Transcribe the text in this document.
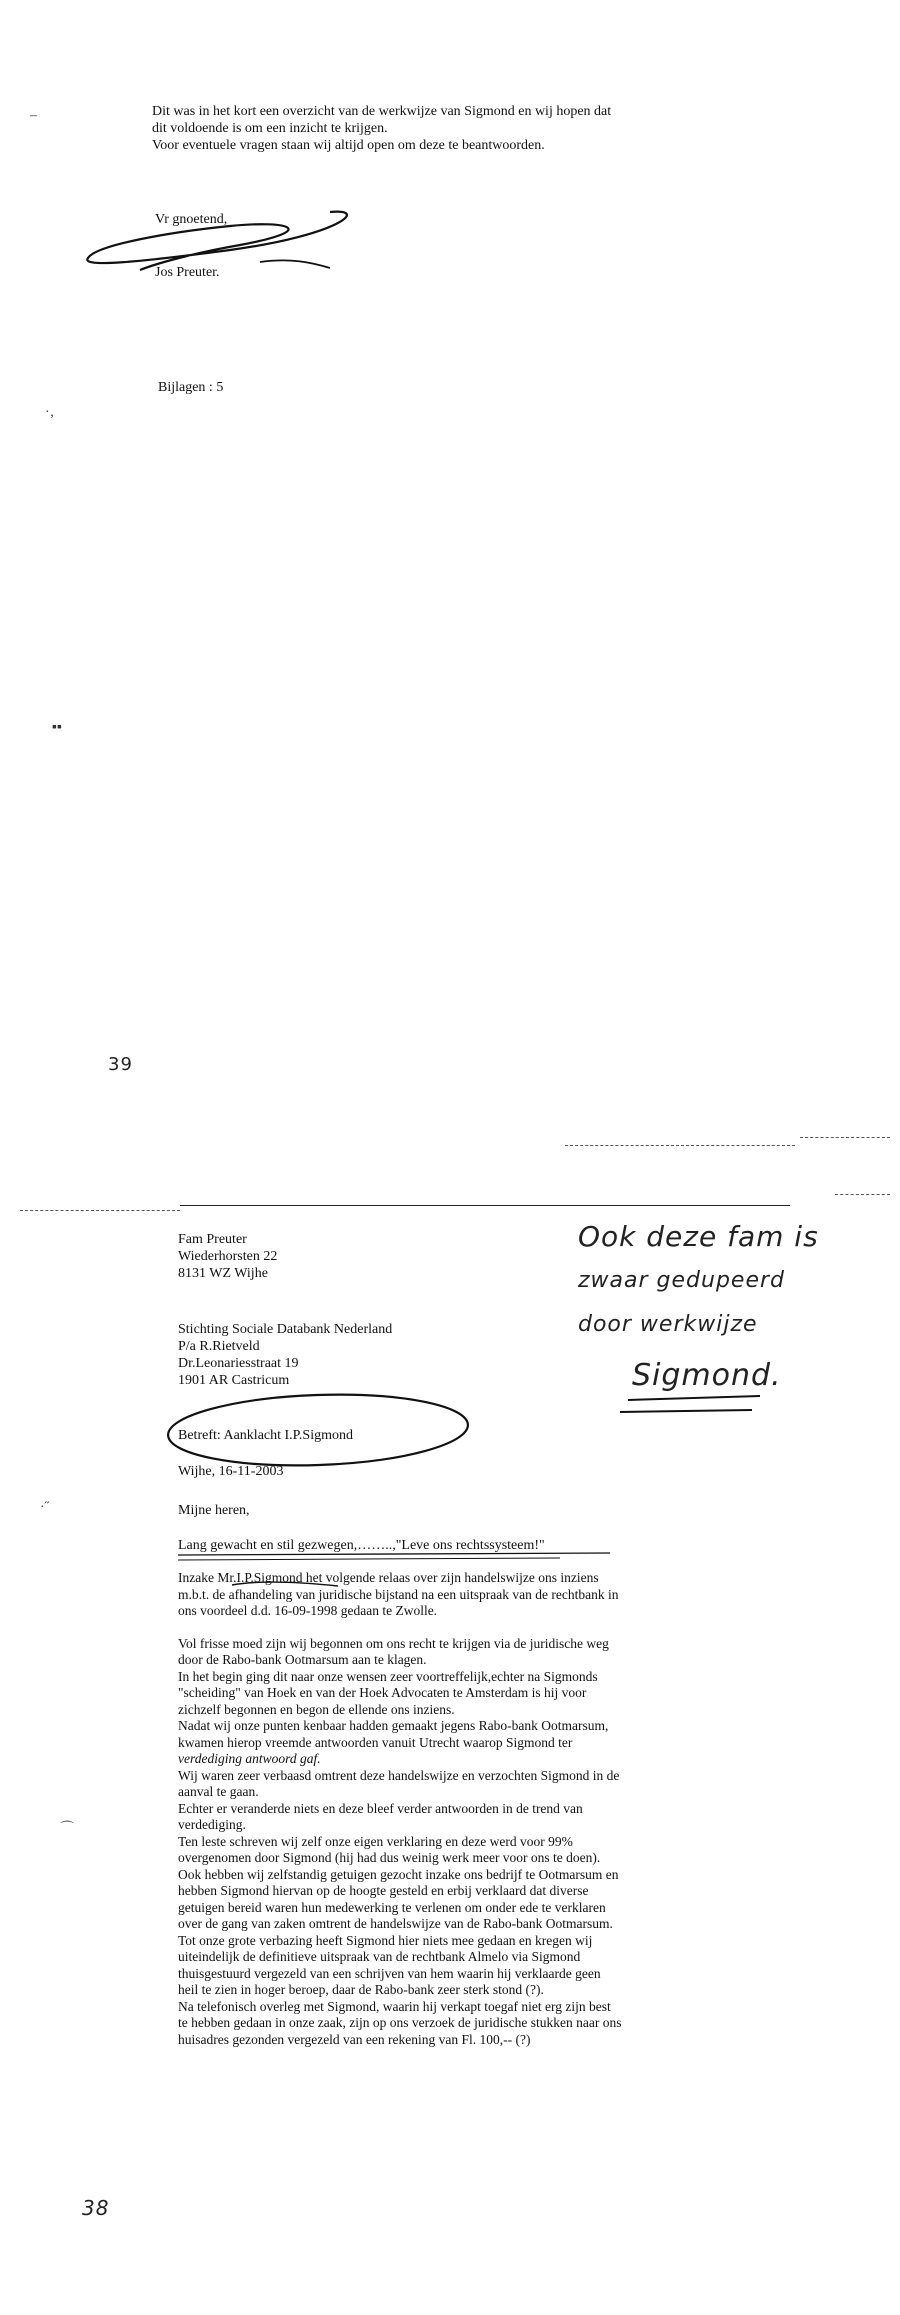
–	Dit was in het kort een overzicht van de werkwijze van Sigmond en wij hopen dat
dit voldoende is om een inzicht te krijgen.
Voor eventuele vragen staan wij altijd open om deze te beantwoorden.
Vr gnoetend,
Jos Preuter.
Bijlagen : 5
·‚
▪▪
39
Fam Preuter
Wiederhorsten 22
8131 WZ Wijhe
Stichting Sociale Databank Nederland
P/a R.Rietveld
Dr.Leonariesstraat 19
1901 AR Castricum
Betreft: Aanklacht I.P.Sigmond
Wijhe, 16-11-2003
Mijne heren,
Lang gewacht en stil gezwegen,……..,"Leve ons rechtssysteem!"
Ook deze fam is
zwaar gedupeerd
door werkwijze
Sigmond.

Inzake Mr.I.P.Sigmond het volgende relaas over zijn handelswijze ons inziens

m.b.t. de afhandeling van juridische bijstand na een uitspraak van de rechtbank in

ons voordeel d.d. 16-09-1998 gedaan te Zwolle.

Vol frisse moed zijn wij begonnen om ons recht te krijgen via de juridische weg

door de Rabo-bank Ootmarsum aan te klagen.

In het begin ging dit naar onze wensen zeer voortreffelijk,echter na Sigmonds

"scheiding" van Hoek en van der Hoek Advocaten te Amsterdam is hij voor

zichzelf begonnen en begon de ellende ons inziens.

Nadat wij onze punten kenbaar hadden gemaakt jegens Rabo-bank Ootmarsum,

kwamen hierop vreemde antwoorden vanuit Utrecht waarop Sigmond ter

verdediging antwoord gaf.

Wij waren zeer verbaasd omtrent deze handelswijze en verzochten Sigmond in de

aanval te gaan.

Echter er veranderde niets en deze bleef verder antwoorden in de trend van

verdediging.

Ten leste schreven wij zelf onze eigen verklaring en deze werd voor 99%

overgenomen door Sigmond (hij had dus weinig werk meer voor ons te doen).

Ook hebben wij zelfstandig getuigen gezocht inzake ons bedrijf te Ootmarsum en

hebben Sigmond hiervan op de hoogte gesteld en erbij verklaard dat diverse

getuigen bereid waren hun medewerking te verlenen om onder ede te verklaren

over de gang van zaken omtrent de handelswijze van de Rabo-bank Ootmarsum.

Tot onze grote verbazing heeft Sigmond hier niets mee gedaan en kregen wij

uiteindelijk de definitieve uitspraak van de rechtbank Almelo via Sigmond

thuisgestuurd vergezeld van een schrijven van hem waarin hij verklaarde geen

heil te zien in hoger beroep, daar de Rabo-bank zeer sterk stond (?).

Na telefonisch overleg met Sigmond, waarin hij verkapt toegaf niet erg zijn best

te hebben gedaan in onze zaak, zijn op ons verzoek de juridische stukken naar ons

huisadres gezonden vergezeld van een rekening van Fl. 100,-- (?)

·˝
⌒
38
